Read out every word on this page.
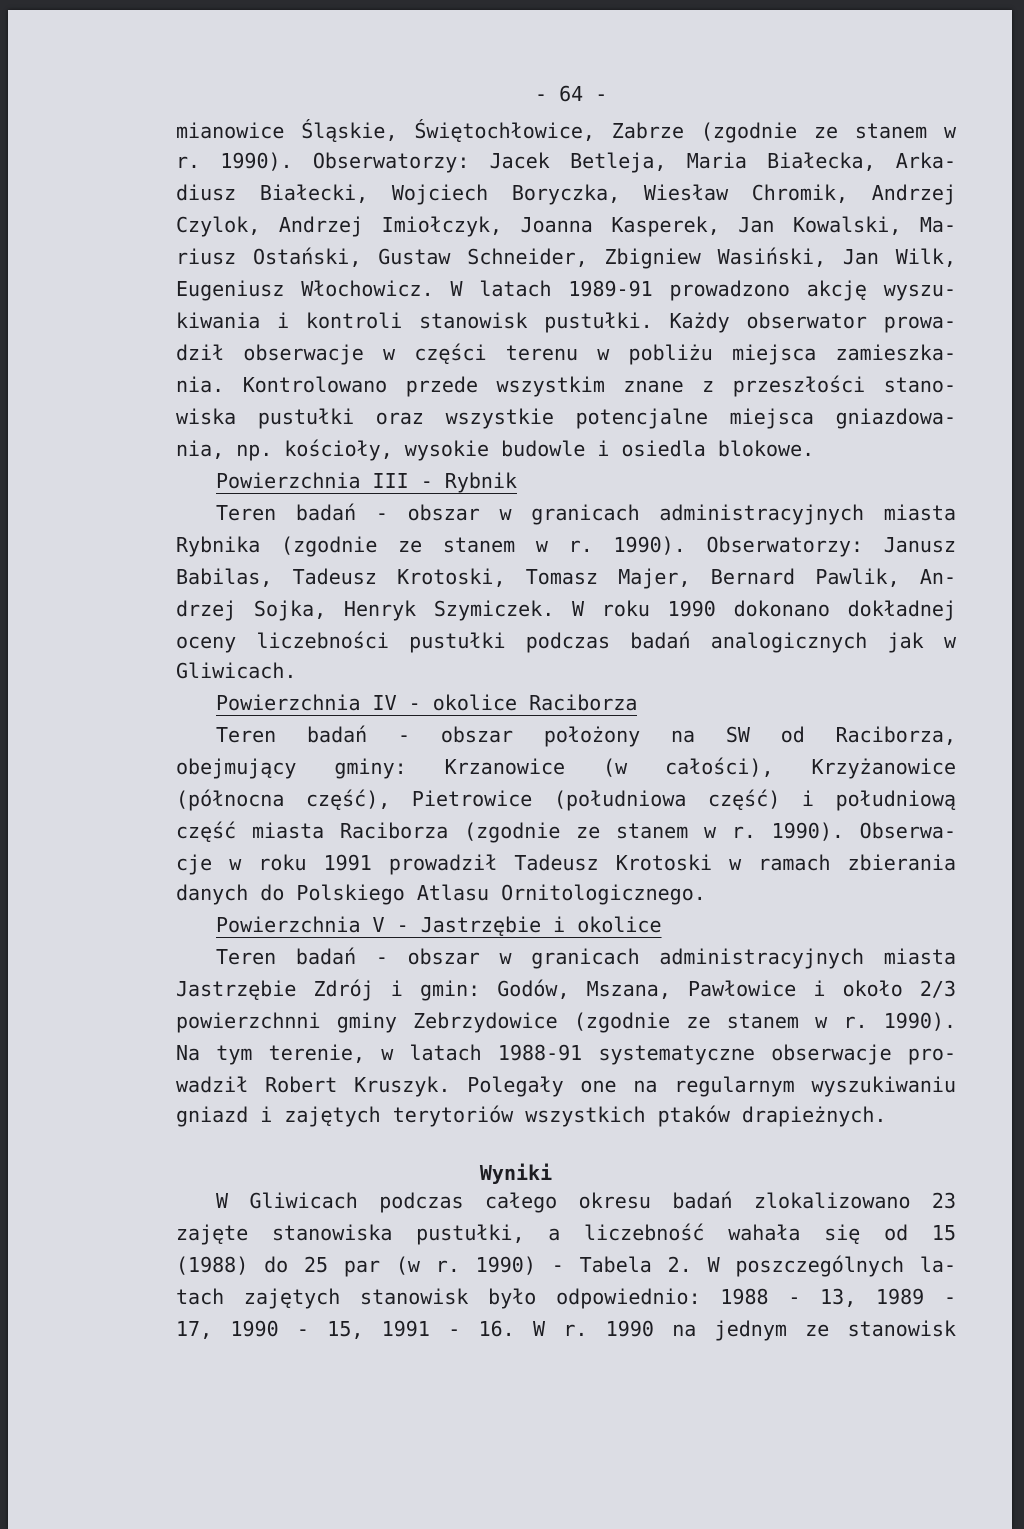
- 64 -
mianowice Śląskie, Świętochłowice, Zabrze (zgodnie ze stanem w
r. 1990). Obserwatorzy: Jacek Betleja, Maria Białecka, Arka-
diusz Białecki, Wojciech Boryczka, Wiesław Chromik, Andrzej
Czylok, Andrzej Imiołczyk, Joanna Kasperek, Jan Kowalski, Ma-
riusz Ostański, Gustaw Schneider, Zbigniew Wasiński, Jan Wilk,
Eugeniusz Włochowicz. W latach 1989-91 prowadzono akcję wyszu-
kiwania i kontroli stanowisk pustułki. Każdy obserwator prowa-
dził obserwacje w części terenu w pobliżu miejsca zamieszka-
nia. Kontrolowano przede wszystkim znane z przeszłości stano-
wiska pustułki oraz wszystkie potencjalne miejsca gniazdowa-
nia, np. kościoły, wysokie budowle i osiedla blokowe.
Powierzchnia III - Rybnik
Teren badań - obszar w granicach administracyjnych miasta
Rybnika (zgodnie ze stanem w r. 1990). Obserwatorzy: Janusz
Babilas, Tadeusz Krotoski, Tomasz Majer, Bernard Pawlik, An-
drzej Sojka, Henryk Szymiczek. W roku 1990 dokonano dokładnej
oceny liczebności pustułki podczas badań analogicznych jak w
Gliwicach.
Powierzchnia IV - okolice Raciborza
Teren badań - obszar położony na SW od Raciborza,
obejmujący gminy: Krzanowice (w całości), Krzyżanowice
(północna część), Pietrowice (południowa część) i południową
część miasta Raciborza (zgodnie ze stanem w r. 1990). Obserwa-
cje w roku 1991 prowadził Tadeusz Krotoski w ramach zbierania
danych do Polskiego Atlasu Ornitologicznego.
Powierzchnia V - Jastrzębie i okolice
Teren badań - obszar w granicach administracyjnych miasta
Jastrzębie Zdrój i gmin: Godów, Mszana, Pawłowice i około 2/3
powierzchnni gminy Zebrzydowice (zgodnie ze stanem w r. 1990).
Na tym terenie, w latach 1988-91 systematyczne obserwacje pro-
wadził Robert Kruszyk. Polegały one na regularnym wyszukiwaniu
gniazd i zajętych terytoriów wszystkich ptaków drapieżnych.
Wyniki
W Gliwicach podczas całego okresu badań zlokalizowano 23
zajęte stanowiska pustułki, a liczebność wahała się od 15
(1988) do 25 par (w r. 1990) - Tabela 2. W poszczególnych la-
tach zajętych stanowisk było odpowiednio: 1988 - 13, 1989 -
17, 1990 - 15, 1991 - 16. W r. 1990 na jednym ze stanowisk
